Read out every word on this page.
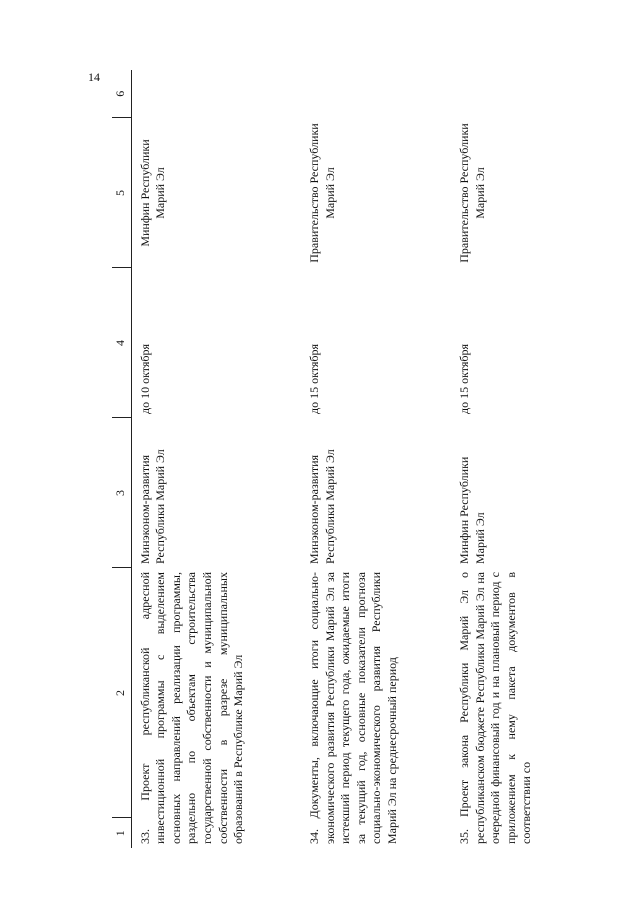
14
1	2	3	4	5	6
33. Проект республиканской адресной инвестиционной программы с выделением основных направлений реализации программы, раздельно по объектам строительства государственной собственности и муниципальной собственности в разрезе муниципальных образований в Республике Марий Эл		Минэконом-развития Республики Марий Эл	до 10 октября	Минфин Республики Марий Эл	
34. Документы, включающие итоги социально-экономического развития Республики Марий Эл за истекший период текущего года, ожидаемые итоги за текущий год, основные показатели прогноза социально-экономического развития Республики Марий Эл на среднесрочный период		Минэконом-развития Республики Марий Эл	до 15 октября	Правительство Республики Марий Эл	
35. Проект закона Республики Марий Эл о республиканском бюджете Республики Марий Эл на очередной финансовый год и на плановый период с приложением к нему пакета документов в соответствии со		Минфин Республики Марий Эл	до 15 октября	Правительство Республики Марий Эл	
